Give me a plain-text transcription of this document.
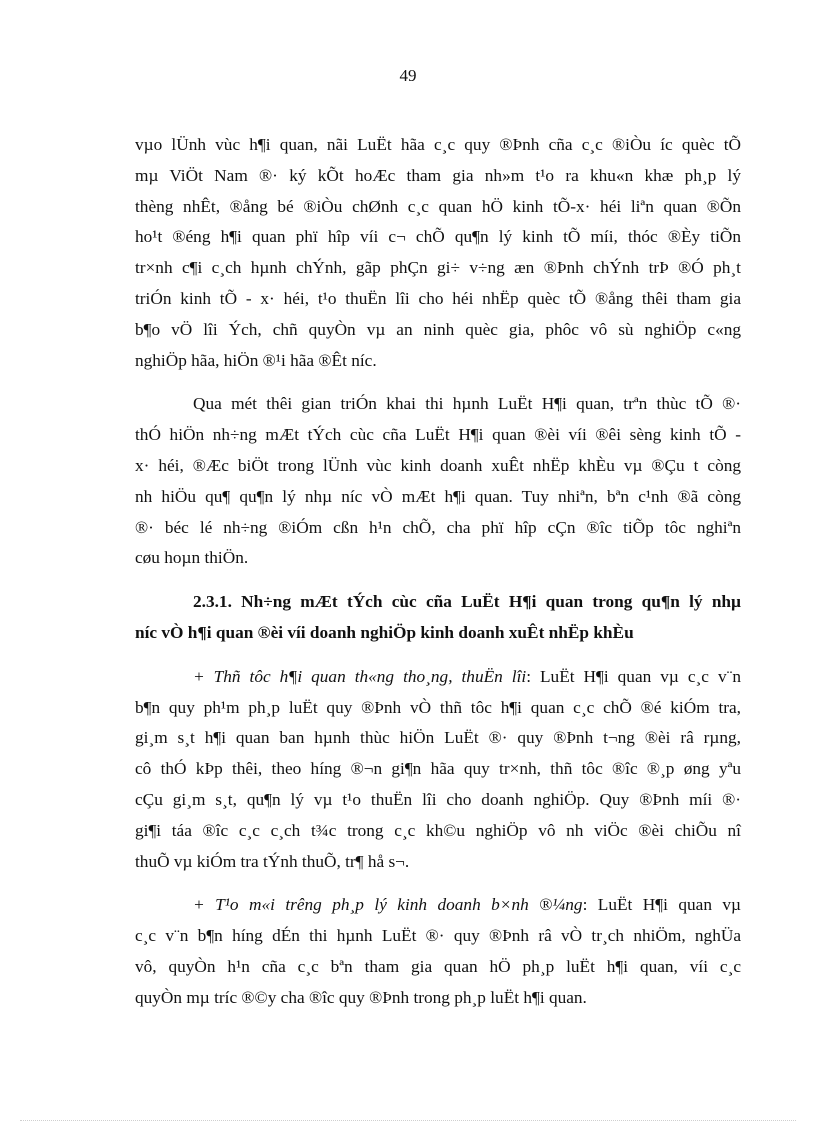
49
vµo lÜnh vùc h¶i quan, nãi LuËt hãa c¸c quy ®Þnh cña c¸c ®iÒu íc quèc tÕ
mµ ViÖt Nam ®· ký kÕt hoÆc tham gia nh»m t¹o ra khu«n khæ ph¸p lý
thèng nhÊt, ®ång bé ®iÒu chØnh c¸c quan hÖ kinh tÕ-x· héi liªn quan ®Õn
ho¹t ®éng h¶i quan phï hîp víi c¬ chÕ qu¶n lý kinh tÕ míi, thóc ®Èy tiÕn
tr×nh c¶i c¸ch hµnh chÝnh, gãp phÇn gi÷ v÷ng æn ®Þnh chÝnh trÞ ®Ó ph¸t
triÓn kinh tÕ - x· héi, t¹o thuËn lîi cho héi nhËp quèc tÕ ®ång thêi tham gia
b¶o vÖ lîi Ých, chñ quyÒn vµ an ninh quèc gia, phôc vô sù nghiÖp c«ng
nghiÖp hãa, hiÖn ®¹i hãa ®Êt níc.
Qua mét thêi gian triÓn khai thi hµnh LuËt H¶i quan, trªn thùc tÕ ®·
thÓ hiÖn nh÷ng mÆt tÝch cùc cña LuËt H¶i quan ®èi víi ®êi sèng kinh tÕ -
x· héi, ®Æc biÖt trong lÜnh vùc kinh doanh xuÊt nhËp khÈu vµ ®Çu t còng
nh hiÖu qu¶ qu¶n lý nhµ níc vÒ mÆt h¶i quan. Tuy nhiªn, bªn c¹nh ®ã còng
®· béc lé nh÷ng ®iÓm cßn h¹n chÕ, cha phï hîp cÇn ®îc tiÕp tôc nghiªn
cøu hoµn thiÖn.
2.3.1. Nh÷ng mÆt tÝch cùc cña LuËt H¶i quan trong qu¶n lý nhµ
níc vÒ h¶i quan ®èi víi doanh nghiÖp kinh doanh xuÊt nhËp khÈu
+ Thñ tôc h¶i quan th«ng tho¸ng, thuËn lîi: LuËt H¶i quan vµ c¸c v¨n
b¶n quy ph¹m ph¸p luËt quy ®Þnh vÒ thñ tôc h¶i quan c¸c chÕ ®é kiÓm tra,
gi¸m s¸t h¶i quan ban hµnh thùc hiÖn LuËt ®· quy ®Þnh t¬ng ®èi râ rµng,
cô thÓ kÞp thêi, theo híng ®¬n gi¶n hãa quy tr×nh, thñ tôc ®îc ®¸p øng yªu
cÇu gi¸m s¸t, qu¶n lý vµ t¹o thuËn lîi cho doanh nghiÖp. Quy ®Þnh míi ®·
gi¶i táa ®îc c¸c c¸ch t¾c trong c¸c kh©u nghiÖp vô nh viÖc ®èi chiÕu nî
thuÕ vµ kiÓm tra tÝnh thuÕ, tr¶ hå s¬.
+ T¹o m«i trêng ph¸p lý kinh doanh b×nh ®¼ng: LuËt H¶i quan vµ
c¸c v¨n b¶n híng dÉn thi hµnh LuËt ®· quy ®Þnh râ vÒ tr¸ch nhiÖm, nghÜa
vô, quyÒn h¹n cña c¸c bªn tham gia quan hÖ ph¸p luËt h¶i quan, víi c¸c
quyÒn mµ tríc ®©y cha ®îc quy ®Þnh trong ph¸p luËt h¶i quan.
